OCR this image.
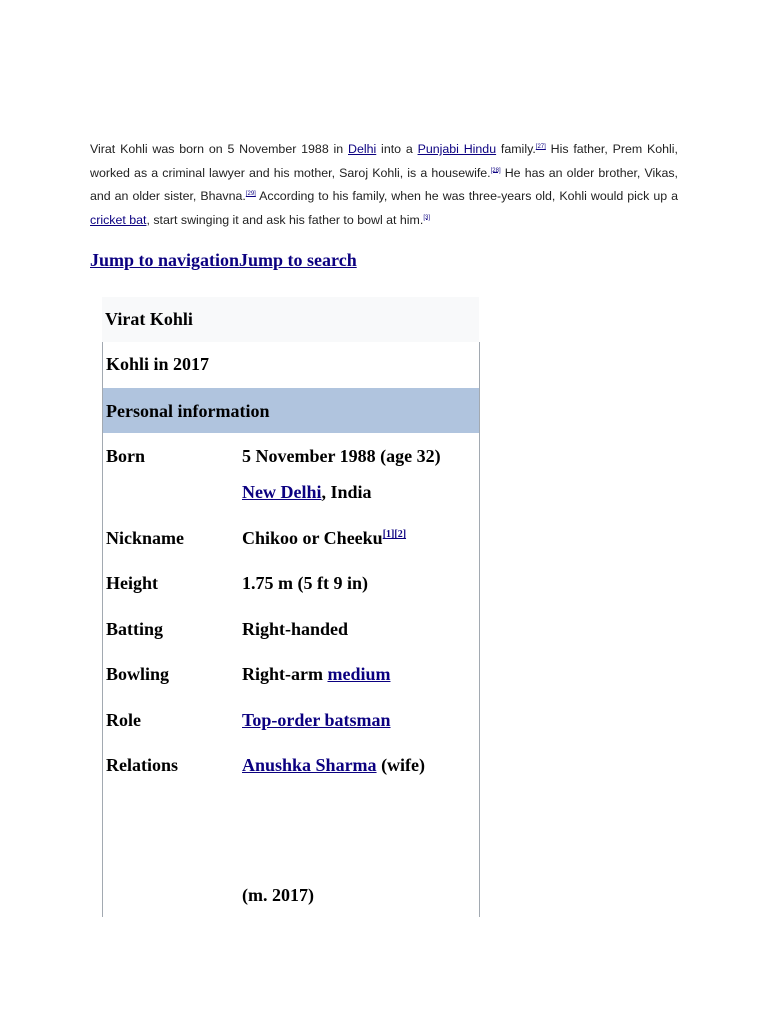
Virat Kohli was born on 5 November 1988 in Delhi into a Punjabi Hindu family.[27] His father, Prem Kohli, worked as a criminal lawyer and his mother, Saroj Kohli, is a housewife.[28] He has an older brother, Vikas, and an older sister, Bhavna.[29] According to his family, when he was three-years old, Kohli would pick up a cricket bat, start swinging it and ask his father to bowl at him.[3]

Jump to navigationJump to search
Virat Kohli
Kohli in 2017
Personal information
Born	5 November 1988 (age 32)
New Delhi, India
Nickname	Chikoo or Cheeku[1][2]
Height	1.75 m (5 ft 9 in)
Batting	Right-handed
Bowling	Right-arm medium
Role	Top-order batsman
Relations	Anushka Sharma (wife)
(m. 2017)
